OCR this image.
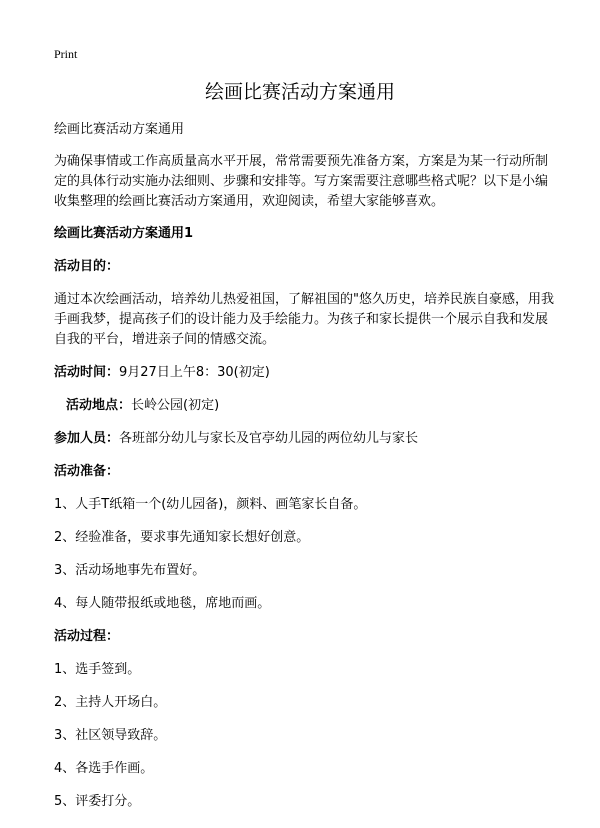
Print
绘画比赛活动方案通用

绘画比赛活动方案通用

为确保事情或工作高质量高水平开展，常常需要预先准备方案，方案是为某一行动所制定的具体行动实施办法细则、步骤和安排等。写方案需要注意哪些格式呢？以下是小编收集整理的绘画比赛活动方案通用，欢迎阅读，希望大家能够喜欢。

绘画比赛活动方案通用1

活动目的：

通过本次绘画活动，培养幼儿热爱祖国，了解祖国的"悠久历史，培养民族自豪感，用我手画我梦，提高孩子们的设计能力及手绘能力。为孩子和家长提供一个展示自我和发展自我的平台，增进亲子间的情感交流。

活动时间：9月27日上午8：30(初定)

活动地点：长岭公园(初定)

参加人员：各班部分幼儿与家长及官亭幼儿园的两位幼儿与家长

活动准备：

1、人手T纸箱一个(幼儿园备)，颜料、画笔家长自备。

2、经验准备，要求事先通知家长想好创意。

3、活动场地事先布置好。

4、每人随带报纸或地毯，席地而画。

活动过程：

1、选手签到。

2、主持人开场白。

3、社区领导致辞。

4、各选手作画。

5、评委打分。
